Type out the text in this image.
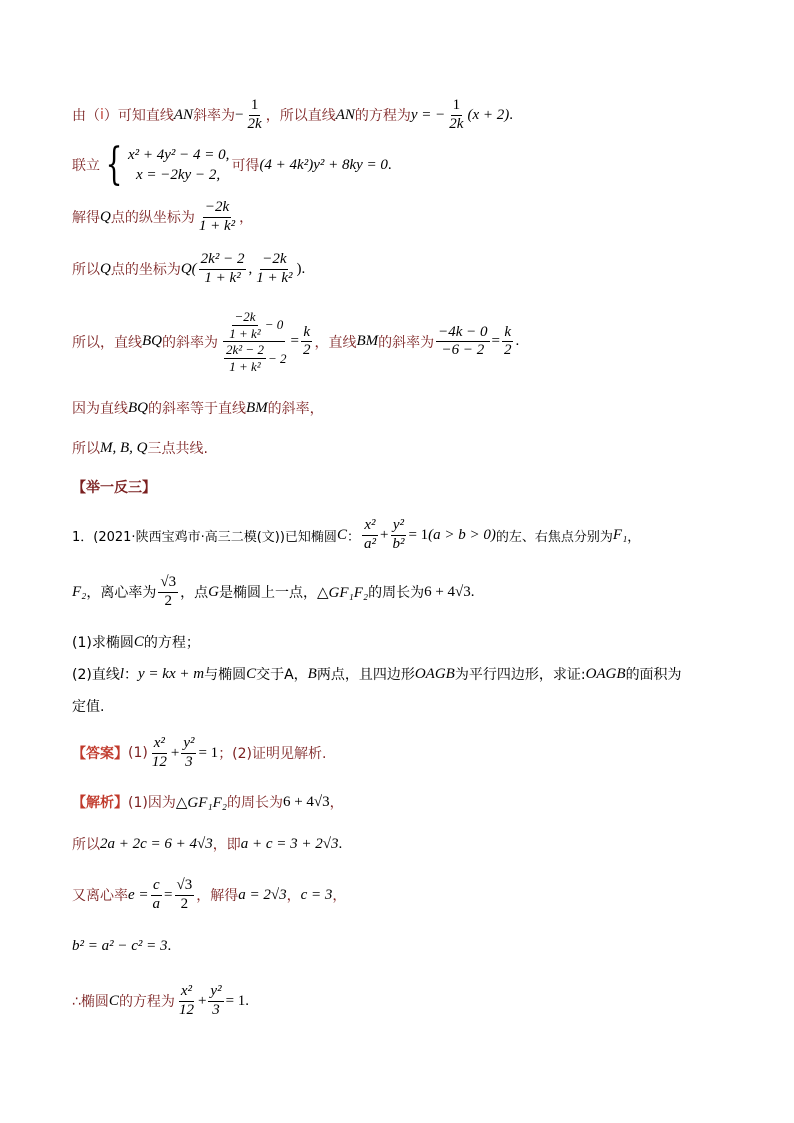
由（ i ）可知直线 AN 斜率为 − $\frac{1}{2k}$ ，所以直线 AN 的方程为 y = − $\frac{1}{2k} (x + 2)$ .
联立 { x² + 4y² − 4 = 0,
x = −2ky − 2,
可得 (4 + 4k²)y² + 8ky = 0 .
解得 Q 点的纵坐标为 $\frac{-2k}{\text{1 + k²}}$ ，
所以 Q 点的坐标为 $Q( \frac{\text{2k² − 2}}{\text{1 + k²}}$ , $\frac{-2k}{\text{1 + k²}}$ ) .
所以，直线 BQ 的斜率为 $\frac{\frac{-2k}{\text{1 + k²}} - 0}{\frac{\text{2k² − 2}}{\text{1 + k²}} - 2} = \frac{k}{2}$ ，直线 BM 的斜率为 $\frac{-4k - 0}{-6 - 2} = \frac{k}{2}$ .
因为直线 BQ 的斜率等于直线 BM 的斜率，
所以 M, B, Q 三点共线.
【举一反三】
1． (2021·陕西宝鸡市·高三二模(文)) 已知椭圆 C ： $\frac{\text{x²}}{\text{a²}} + \frac{\text{y²}}{\text{b²}} = 1$ (a > b > 0) 的左、右焦点分别为 F₁ ，
F₂ ，离心率为 $\frac{√3}{2}$ ，点 G 是椭圆上一点， △GF₁F₂ 的周长为 6 + 4√3 .
(1)求椭圆 C 的方程；
(2)直线 l ： y = kx + m 与椭圆 C 交于A， B 两点，且四边形 OAGB 为平行四边形，求证: OAGB 的面积为
定值.
【答案】 $(1) \frac{\text{x²}}{12} + \frac{\text{y²}}{3} = 1$ ；(2)证明见解析.
【解析】 (1)因为 △GF₁F₂ 的周长为 6 + 4√3 ，
所以 2a + 2c = 6 + 4√3 ，即 a + c = 3 + 2√3 .
又离心率 $e = \frac{c}{a} = \frac{√3}{2}$ ，解得 a = 2√3 ， c = 3 ，
b² = a² − c² = 3 .
∴椭圆 C 的方程为 $\frac{\text{x²}}{12} + \frac{\text{y²}}{3} = 1$.
